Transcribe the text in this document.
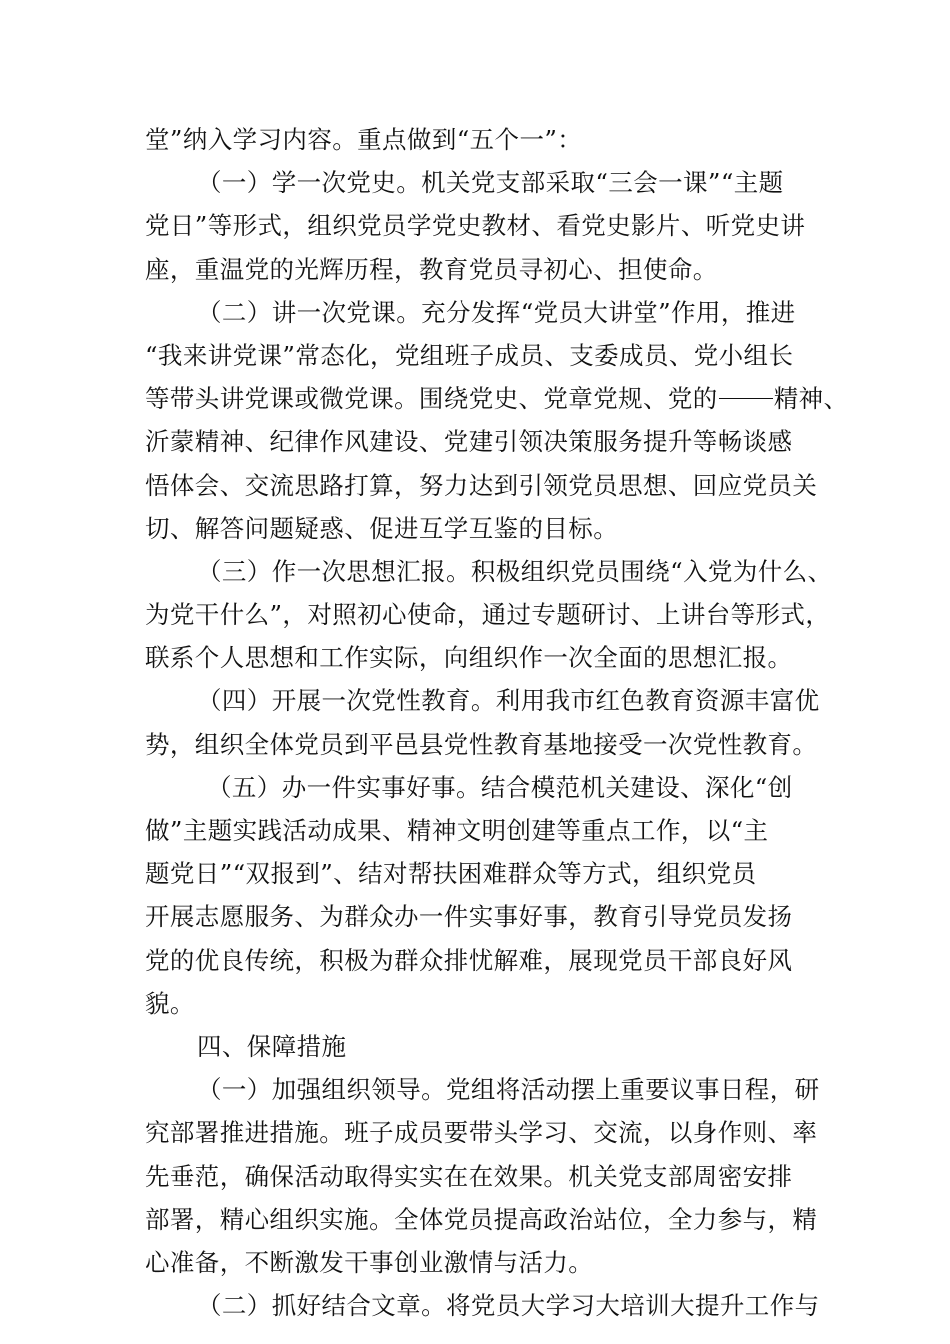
堂”纳入学习内容。重点做到“五个一”：
（一）学一次党史。机关党支部采取“三会一课”“主题
党日”等形式，组织党员学党史教材、看党史影片、听党史讲
座，重温党的光辉历程，教育党员寻初心、担使命。
（二）讲一次党课。充分发挥“党员大讲堂”作用，推进
“我来讲党课”常态化，党组班子成员、支委成员、党小组长
等带头讲党课或微党课。围绕党史、党章党规、党的 精神、
沂蒙精神、纪律作风建设、党建引领决策服务提升等畅谈感
悟体会、交流思路打算，努力达到引领党员思想、回应党员关
切、解答问题疑惑、促进互学互鉴的目标。
（三）作一次思想汇报。积极组织党员围绕“入党为什么、
为党干什么”，对照初心使命，通过专题研讨、上讲台等形式，
联系个人思想和工作实际，向组织作一次全面的思想汇报。
（四）开展一次党性教育。利用我市红色教育资源丰富优
势，组织全体党员到平邑县党性教育基地接受一次党性教育。
（五）办一件实事好事。结合模范机关建设、深化“创
做”主题实践活动成果、精神文明创建等重点工作，以“主
题党日”“双报到”、结对帮扶困难群众等方式，组织党员
开展志愿服务、为群众办一件实事好事，教育引导党员发扬
党的优良传统，积极为群众排忧解难，展现党员干部良好风
貌。
四、保障措施
（一）加强组织领导。党组将活动摆上重要议事日程，研
究部署推进措施。班子成员要带头学习、交流，以身作则、率
先垂范，确保活动取得实实在在效果。机关党支部周密安排
部署，精心组织实施。全体党员提高政治站位，全力参与，精
心准备，不断激发干事创业激情与活力。
（二）抓好结合文章。将党员大学习大培训大提升工作与
